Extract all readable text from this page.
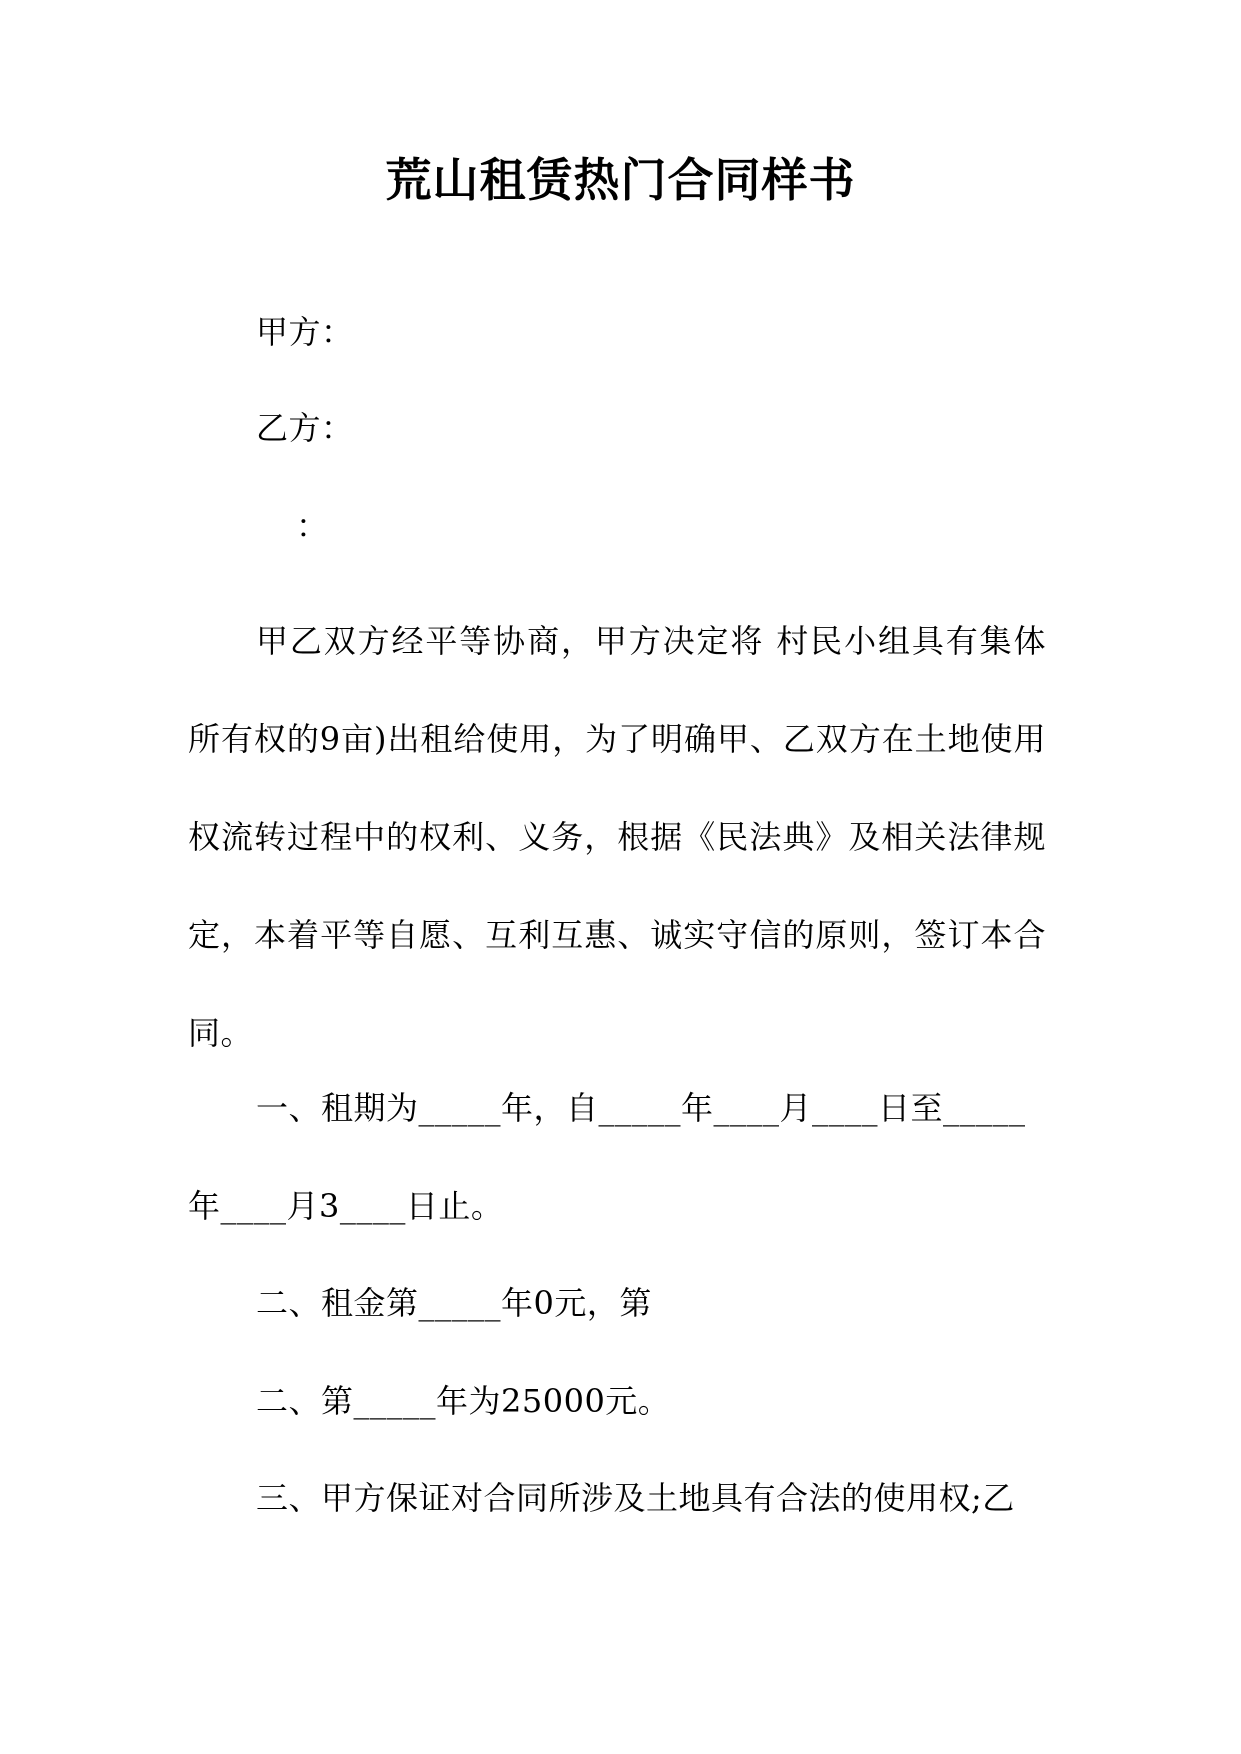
荒山租赁热门合同样书
甲方：
乙方：
：

甲乙双方经平等协商，甲方决定将 村民小组具有集体所有权的9亩)出租给使用，为了明确甲、乙双方在土地使用权流转过程中的权利、义务，根据《民法典》及相关法律规定，本着平等自愿、互利互惠、诚实守信的原则，签订本合同。

一、租期为_____年，自_____年____月____日至_____
年____月3____日止。
二、租金第_____年0元，第
二、第_____年为25000元。
三、甲方保证对合同所涉及土地具有合法的使用权;乙
